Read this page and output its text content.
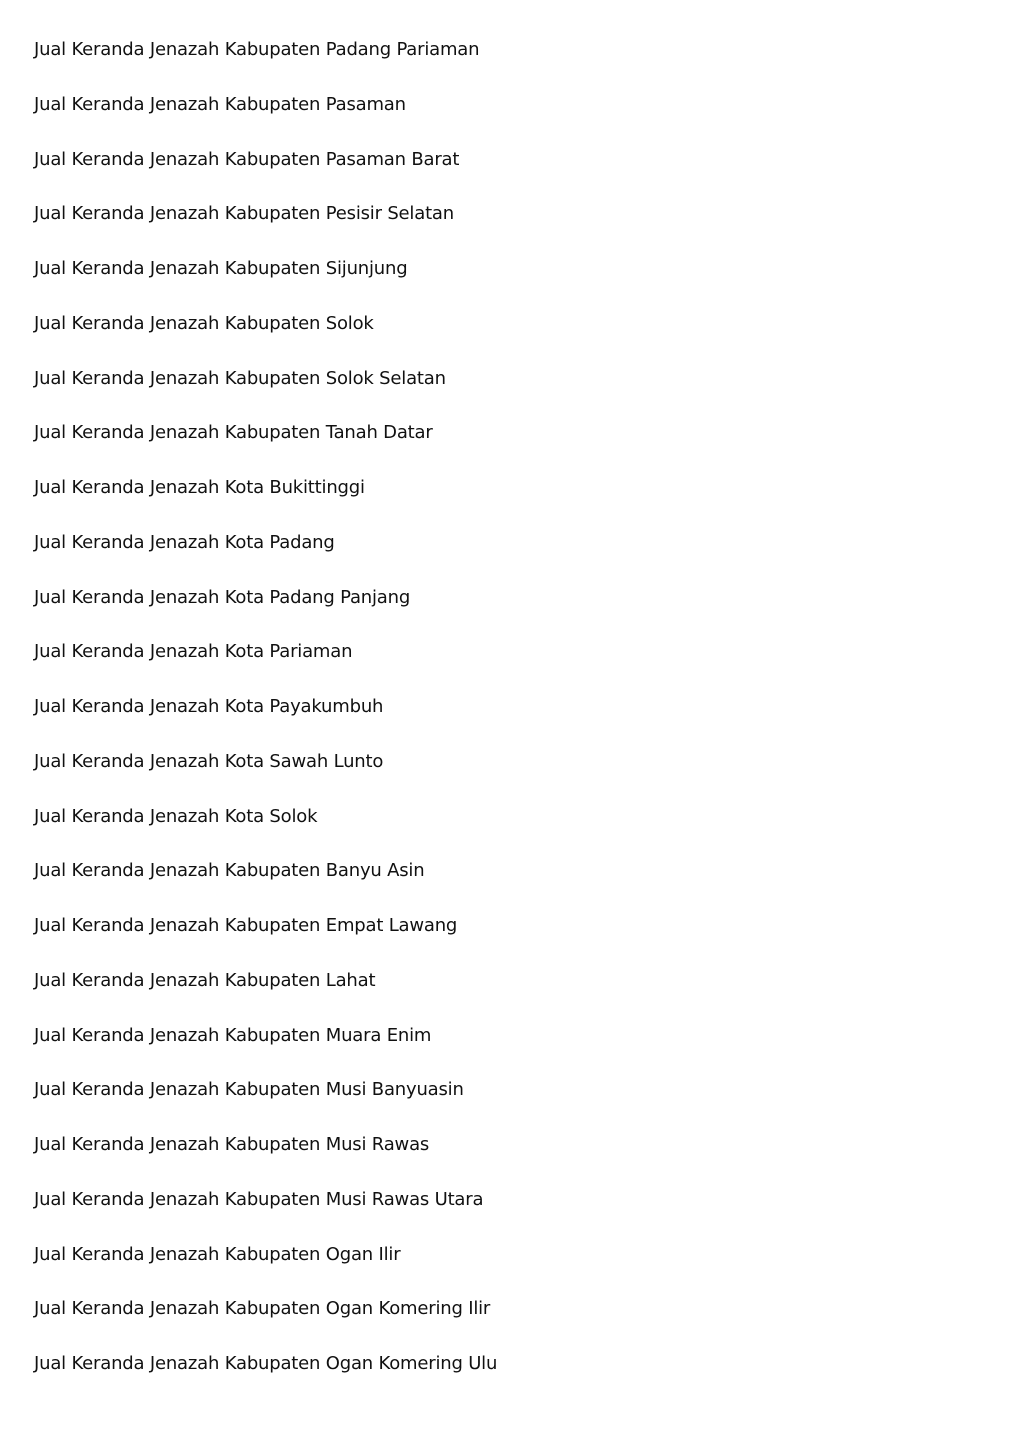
Jual Keranda Jenazah Kabupaten Padang Pariaman
Jual Keranda Jenazah Kabupaten Pasaman
Jual Keranda Jenazah Kabupaten Pasaman Barat
Jual Keranda Jenazah Kabupaten Pesisir Selatan
Jual Keranda Jenazah Kabupaten Sijunjung
Jual Keranda Jenazah Kabupaten Solok
Jual Keranda Jenazah Kabupaten Solok Selatan
Jual Keranda Jenazah Kabupaten Tanah Datar
Jual Keranda Jenazah Kota Bukittinggi
Jual Keranda Jenazah Kota Padang
Jual Keranda Jenazah Kota Padang Panjang
Jual Keranda Jenazah Kota Pariaman
Jual Keranda Jenazah Kota Payakumbuh
Jual Keranda Jenazah Kota Sawah Lunto
Jual Keranda Jenazah Kota Solok
Jual Keranda Jenazah Kabupaten Banyu Asin
Jual Keranda Jenazah Kabupaten Empat Lawang
Jual Keranda Jenazah Kabupaten Lahat
Jual Keranda Jenazah Kabupaten Muara Enim
Jual Keranda Jenazah Kabupaten Musi Banyuasin
Jual Keranda Jenazah Kabupaten Musi Rawas
Jual Keranda Jenazah Kabupaten Musi Rawas Utara
Jual Keranda Jenazah Kabupaten Ogan Ilir
Jual Keranda Jenazah Kabupaten Ogan Komering Ilir
Jual Keranda Jenazah Kabupaten Ogan Komering Ulu
